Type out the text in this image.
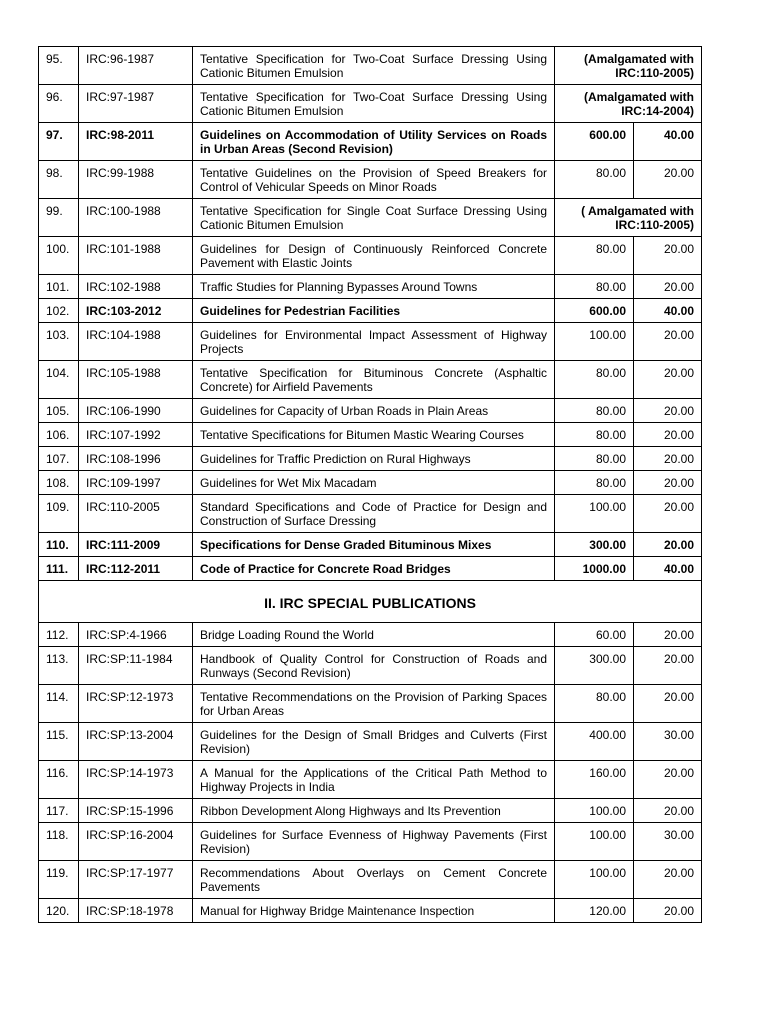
95.	IRC:96-1987	Tentative Specification for Two-Coat Surface Dressing Using Cationic Bitumen Emulsion	(Amalgamated with IRC:110-2005)	
96.	IRC:97-1987	Tentative Specification for Two-Coat Surface Dressing Using Cationic Bitumen Emulsion	(Amalgamated with IRC:14-2004)	
97.	IRC:98-2011	Guidelines on Accommodation of Utility Services on Roads in Urban Areas (Second Revision)	600.00	40.00
98.	IRC:99-1988	Tentative Guidelines on the Provision of Speed Breakers for Control of Vehicular Speeds on Minor Roads	80.00	20.00
99.	IRC:100-1988	Tentative Specification for Single Coat Surface Dressing Using Cationic Bitumen Emulsion	( Amalgamated with IRC:110-2005)	
100.	IRC:101-1988	Guidelines for Design of Continuously Reinforced Concrete Pavement with Elastic Joints	80.00	20.00
101.	IRC:102-1988	Traffic Studies for Planning Bypasses Around Towns	80.00	20.00
102.	IRC:103-2012	Guidelines for Pedestrian Facilities	600.00	40.00
103.	IRC:104-1988	Guidelines for Environmental Impact Assessment of Highway Projects	100.00	20.00
104.	IRC:105-1988	Tentative Specification for Bituminous Concrete (Asphaltic Concrete) for Airfield Pavements	80.00	20.00
105.	IRC:106-1990	Guidelines for Capacity of Urban Roads in Plain Areas	80.00	20.00
106.	IRC:107-1992	Tentative Specifications for Bitumen Mastic Wearing Courses	80.00	20.00
107.	IRC:108-1996	Guidelines for Traffic Prediction on Rural Highways	80.00	20.00
108.	IRC:109-1997	Guidelines for Wet Mix Macadam	80.00	20.00
109.	IRC:110-2005	Standard Specifications and Code of Practice for Design and Construction of Surface Dressing	100.00	20.00
110.	IRC:111-2009	Specifications for Dense Graded Bituminous Mixes	300.00	20.00
111.	IRC:112-2011	Code of Practice for Concrete Road Bridges	1000.00	40.00
II. IRC SPECIAL PUBLICATIONS				
112.	IRC:SP:4-1966	Bridge Loading Round the World	60.00	20.00
113.	IRC:SP:11-1984	Handbook of Quality Control for Construction of Roads and Runways (Second Revision)	300.00	20.00
114.	IRC:SP:12-1973	Tentative Recommendations on the Provision of Parking Spaces for Urban Areas	80.00	20.00
115.	IRC:SP:13-2004	Guidelines for the Design of Small Bridges and Culverts (First Revision)	400.00	30.00
116.	IRC:SP:14-1973	A Manual for the Applications of the Critical Path Method to Highway Projects in India	160.00	20.00
117.	IRC:SP:15-1996	Ribbon Development Along Highways and Its Prevention	100.00	20.00
118.	IRC:SP:16-2004	Guidelines for Surface Evenness of Highway Pavements (First Revision)	100.00	30.00
119.	IRC:SP:17-1977	Recommendations About Overlays on Cement Concrete Pavements	100.00	20.00
120.	IRC:SP:18-1978	Manual for Highway Bridge Maintenance Inspection	120.00	20.00
